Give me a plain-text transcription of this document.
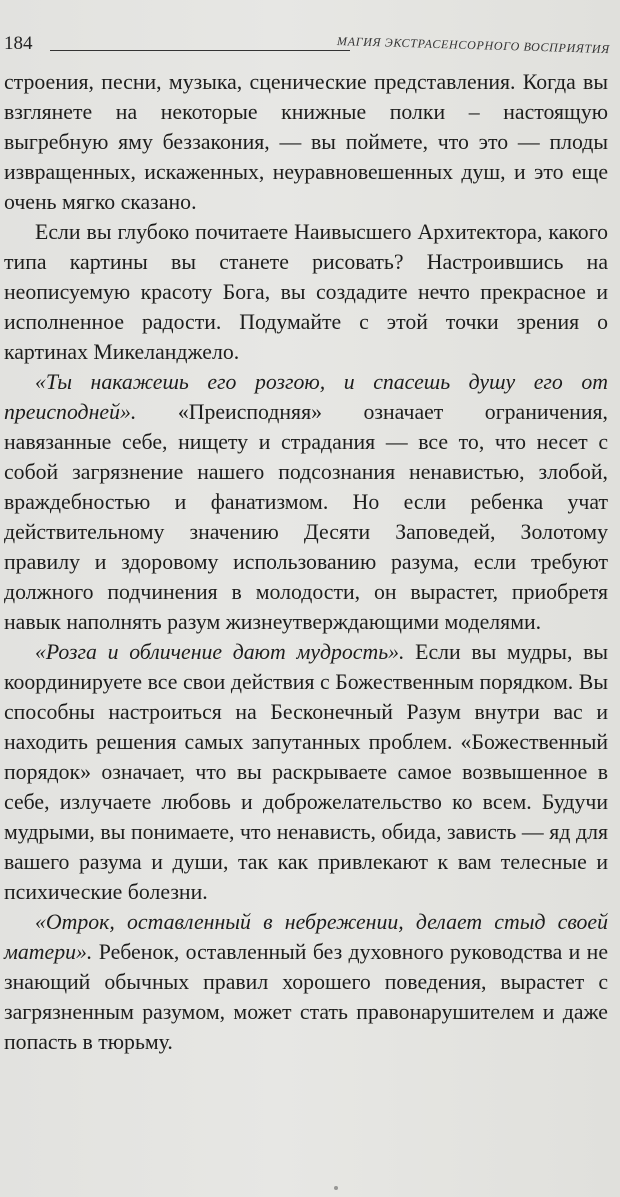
184	МАГИЯ ЭКСТРАСЕНСОРНОГО ВОСПРИЯТИЯ

строения, песни, музыка, сценические представления. Когда вы взглянете на некоторые книжные полки – настоящую выгребную яму беззакония, — вы поймете, что это — плоды извращенных, искаженных, неуравновешенных душ, и это еще очень мягко сказано.

Если вы глубоко почитаете Наивысшего Архитектора, какого типа картины вы станете рисовать? Настроившись на неописуемую красоту Бога, вы создадите нечто прекрасное и исполненное радости. Подумайте с этой точки зрения о картинах Микеланджело.

«Ты накажешь его розгою, и спасешь душу его от преисподней». «Преисподняя» означает ограничения, навязанные себе, нищету и страдания — все то, что несет с собой загрязнение нашего подсознания ненавистью, злобой, враждебностью и фанатизмом. Но если ребенка учат действительному значению Десяти Заповедей, Золотому правилу и здоровому использованию разума, если требуют должного подчинения в молодости, он вырастет, приобретя навык наполнять разум жизнеутверждающими моделями.

«Розга и обличение дают мудрость». Если вы мудры, вы координируете все свои действия с Божественным порядком. Вы способны настроиться на Бесконечный Разум внутри вас и находить решения самых запутанных проблем. «Божественный порядок» означает, что вы раскрываете самое возвышенное в себе, излучаете любовь и доброжелательство ко всем. Будучи мудрыми, вы понимаете, что ненависть, обида, зависть — яд для вашего разума и души, так как привлекают к вам телесные и психические болезни.

«Отрок, оставленный в небрежении, делает стыд своей матери». Ребенок, оставленный без духовного руководства и не знающий обычных правил хорошего поведения, вырастет с загрязненным разумом, может стать правонарушителем и даже попасть в тюрьму.
